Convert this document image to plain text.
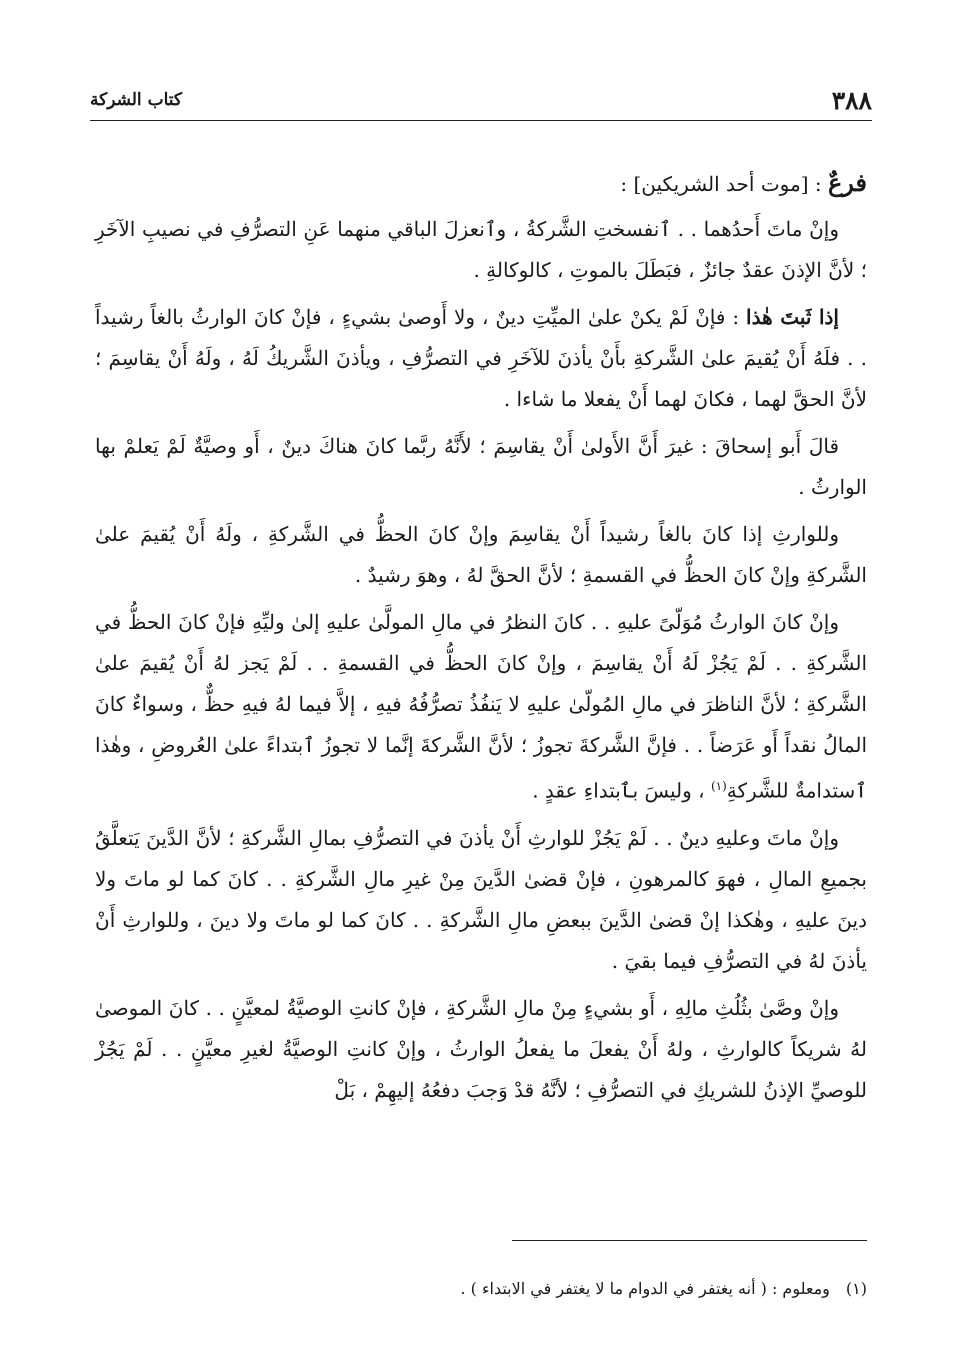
٣٨٨
كتاب الشركة

فرعٌ : [موت أحد الشريكين] :

وإنْ ماتَ أَحدُهما . . ٱنفسختِ الشَّركةُ ، وٱنعزلَ الباقي منهما عَنِ التصرُّفِ في نصيبِ الآخَرِ ؛ لأنَّ الإذنَ عقدٌ جائزٌ ، فبَطَلَ بالموتِ ، كالوكالةِ .

إذا ثَبتَ هٰذا : فإنْ لَمْ يكنْ علىٰ الميِّتِ دينٌ ، ولا أَوصىٰ بشيءٍ ، فإنْ كانَ الوارثُ بالغاً رشيداً . . فلَهُ أَنْ يُقيمَ علىٰ الشَّركةِ بأَنْ يأذنَ للآخَرِ في التصرُّفِ ، ويأذنَ الشَّريكُ لَهُ ، ولَهُ أَنْ يقاسِمَ ؛ لأنَّ الحقَّ لهما ، فكانَ لهما أَنْ يفعلا ما شاءا .

قالَ أَبو إسحاقَ : غيرَ أَنَّ الأَولىٰ أَنْ يقاسِمَ ؛ لأَنَّهُ ربَّما كانَ هناكَ دينٌ ، أَو وصيَّةٌ لَمْ يَعلمْ بها الوارثُ .

وللوارثِ إذا كانَ بالغاً رشيداً أَنْ يقاسِمَ وإنْ كانَ الحظُّ في الشَّركةِ ، ولَهُ أَنْ يُقيمَ علىٰ الشَّركةِ وإنْ كانَ الحظُّ في القسمةِ ؛ لأنَّ الحقَّ لهُ ، وهوَ رشيدٌ .

وإنْ كانَ الوارثُ مُوَلّىً عليهِ . . كانَ النظرُ في مالِ المولَّىٰ عليهِ إلىٰ وليِّهِ فإنْ كانَ الحظُّ في الشَّركةِ . . لَمْ يَجُزْ لَهُ أَنْ يقاسِمَ ، وإنْ كانَ الحظُّ في القسمةِ . . لَمْ يَجز لهُ أَنْ يُقيمَ علىٰ الشَّركةِ ؛ لأنَّ الناظرَ في مالِ المُولّىٰ عليهِ لا يَنفُذُ تصرُّفُهُ فيهِ ، إلاَّ فيما لهُ فيهِ حظٌّ ، وسواءٌ كانَ المالُ نقداً أَو عَرَضاً . . فإنَّ الشَّركةَ تجوزُ ؛ لأنَّ الشَّركةَ إنَّما لا تجوزُ ٱبتداءً علىٰ العُروضِ ، وهٰذا ٱستدامةٌ للشَّركةِ$^{(١)}$ ، وليسَ بٱبتداءِ عقدٍ .

وإنْ ماتَ وعليهِ دينٌ . . لَمْ يَجُزْ للوارثِ أَنْ يأذنَ في التصرُّفِ بمالِ الشَّركةِ ؛ لأنَّ الدَّينَ يَتعلَّقُ بجميعِ المالِ ، فهوَ كالمرهونِ ، فإنْ قضىٰ الدَّينَ مِنْ غيرِ مالِ الشَّركةِ . . كانَ كما لو ماتَ ولا دينَ عليهِ ، وهٰكذا إنْ قضىٰ الدَّينَ ببعضِ مالِ الشَّركةِ . . كانَ كما لو ماتَ ولا دينَ ، وللوارثِ أَنْ يأذنَ لهُ في التصرُّفِ فيما بقيَ .

وإنْ وصَّىٰ بثُلُثِ مالِهِ ، أَو بشيءٍ مِنْ مالِ الشَّركةِ ، فإنْ كانتِ الوصيَّةُ لمعيَّنٍ . . كانَ الموصىٰ لهُ شريكاً كالوارثِ ، ولهُ أَنْ يفعلَ ما يفعلُ الوارثُ ، وإنْ كانتِ الوصيَّةُ لغيرِ معيَّنٍ . . لَمْ يَجُزْ للوصيِّ الإذنُ للشريكِ في التصرُّفِ ؛ لأنَّهُ قدْ وَجبَ دفعُهُ إليهِمْ ، بَلْ

(١)ومعلوم : ( أنه يغتفر في الدوام ما لا يغتفر في الابتداء ) .
